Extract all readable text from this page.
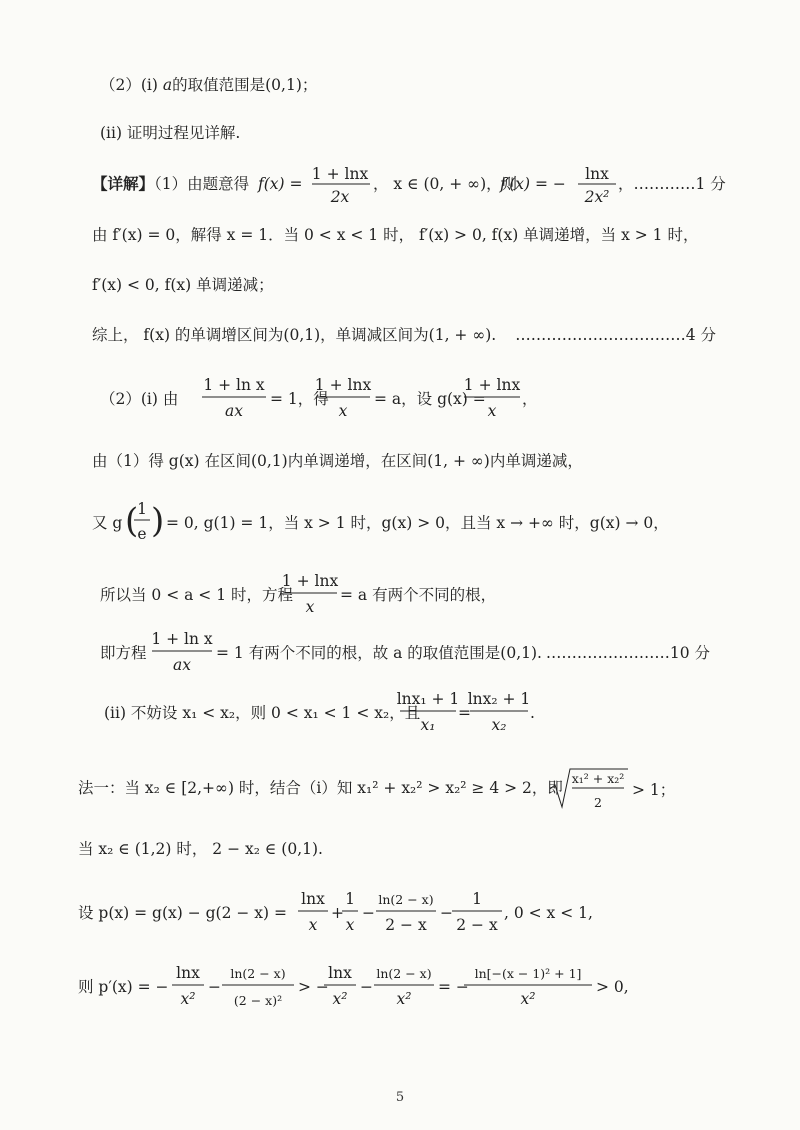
（2）(i) a的取值范围是(0,1)；
(ii) 证明过程见详解.
【详解】（1）由题意得 f(x) =
1 + lnx
2x
， x ∈ (0, + ∞)，则
f′(x) = −
lnx
2x²
，…………1 分
由 f′(x) = 0，解得 x = 1．当 0 < x < 1 时， f′(x) > 0, f(x) 单调递增，当 x > 1 时，
f′(x) < 0, f(x) 单调递减；
综上， f(x) 的单调增区间为(0,1)，单调减区间为(1, + ∞). ……………………………4 分
（2）(i) 由
1 + ln x
ax
= 1，得
1 + lnx
x
= a，设 g(x) =
1 + lnx
x
，
由（1）得 g(x) 在区间(0,1)内单调递增，在区间(1, + ∞)内单调递减，
又 g (
1
e ) = 0, g(1) = 1，当 x > 1 时，g(x) > 0，且当 x → +∞ 时，g(x) → 0，
所以当 0 < a < 1 时，方程
1 + lnx
x
= a 有两个不同的根，
即方程
1 + ln x
ax
= 1 有两个不同的根，故 a 的取值范围是(0,1). ……………………10 分
(ii) 不妨设 x₁ < x₂，则 0 < x₁ < 1 < x₂，且
lnx₁ + 1
x₁
=
lnx₂ + 1
x₂
.
法一：当 x₂ ∈ [2,+∞) 时，结合（i）知 x₁² + x₂² > x₂² ≥ 4 > 2，即
x₁² + x₂²
2
> 1；
当 x₂ ∈ (1,2) 时， 2 − x₂ ∈ (0,1).
设 p(x) = g(x) − g(2 − x) =
lnx
x
+
1
x
−
ln(2 − x)
2 − x
−
1
2 − x
, 0 < x < 1,
则 p′(x) = −
lnx
x²
−
ln(2 − x)
(2 − x)²
> −
lnx
x²
−
ln(2 − x)
x²
= −
ln[−(x − 1)² + 1]
x²
> 0,
5
